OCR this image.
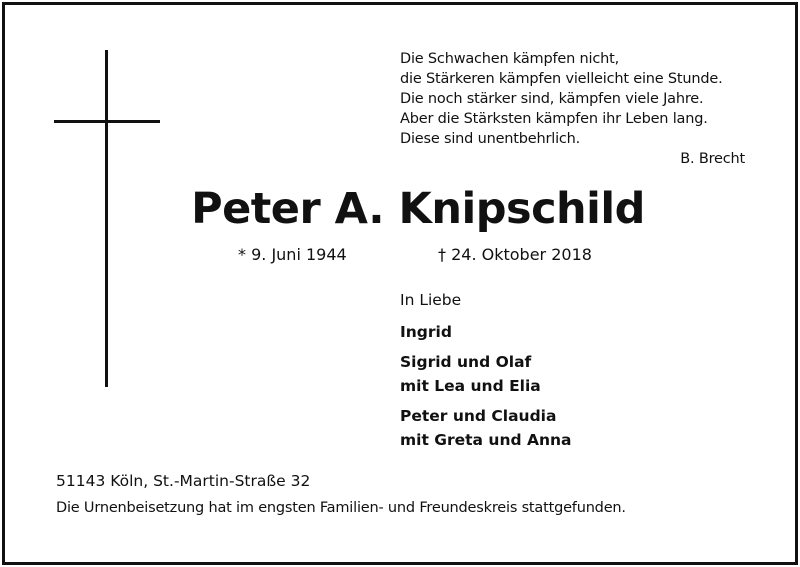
Die Schwachen kämpfen nicht,
die Stärkeren kämpfen vielleicht eine Stunde.
Die noch stärker sind, kämpfen viele Jahre.
Aber die Stärksten kämpfen ihr Leben lang.
Diese sind unentbehrlich.
B. Brecht
Peter A. Knipschild
* 9. Juni 1944	† 24. Oktober 2018
In Liebe
Ingrid
Sigrid und Olaf
mit Lea und Elia
Peter und Claudia
mit Greta und Anna
51143 Köln, St.-Martin-Straße 32
Die Urnenbeisetzung hat im engsten Familien- und Freundeskreis stattgefunden.
